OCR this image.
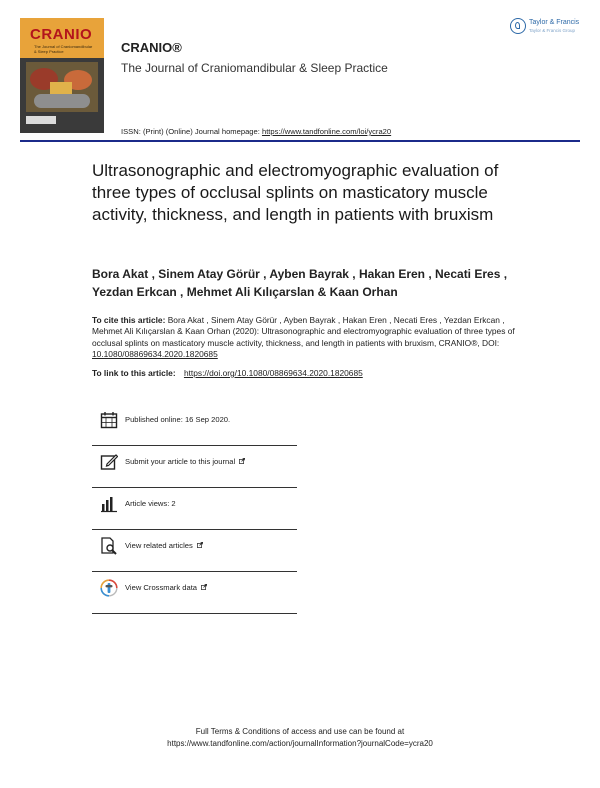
CRANIO
The Journal of Craniomandibular & Sleep Practice	CRANIO®
The Journal of Craniomandibular & Sleep Practice
Taylor & Francis
Taylor & Francis Group
ISSN: (Print) (Online) Journal homepage: https://www.tandfonline.com/loi/ycra20
Ultrasonographic and electromyographic evaluation of three types of occlusal splints on masticatory muscle activity, thickness, and length in patients with bruxism
Bora Akat , Sinem Atay Görür , Ayben Bayrak , Hakan Eren , Necati Eres , Yezdan Erkcan , Mehmet Ali Kılıçarslan & Kaan Orhan
To cite this article: Bora Akat , Sinem Atay Görür , Ayben Bayrak , Hakan Eren , Necati Eres , Yezdan Erkcan , Mehmet Ali Kılıçarslan & Kaan Orhan (2020): Ultrasonographic and electromyographic evaluation of three types of occlusal splints on masticatory muscle activity, thickness, and length in patients with bruxism, CRANIO®, DOI: 10.1080/08869634.2020.1820685
To link to this article: https://doi.org/10.1080/08869634.2020.1820685
Published online: 16 Sep 2020.
Submit your article to this journal
Article views: 2
View related articles
View Crossmark data
Full Terms & Conditions of access and use can be found at
https://www.tandfonline.com/action/journalInformation?journalCode=ycra20
